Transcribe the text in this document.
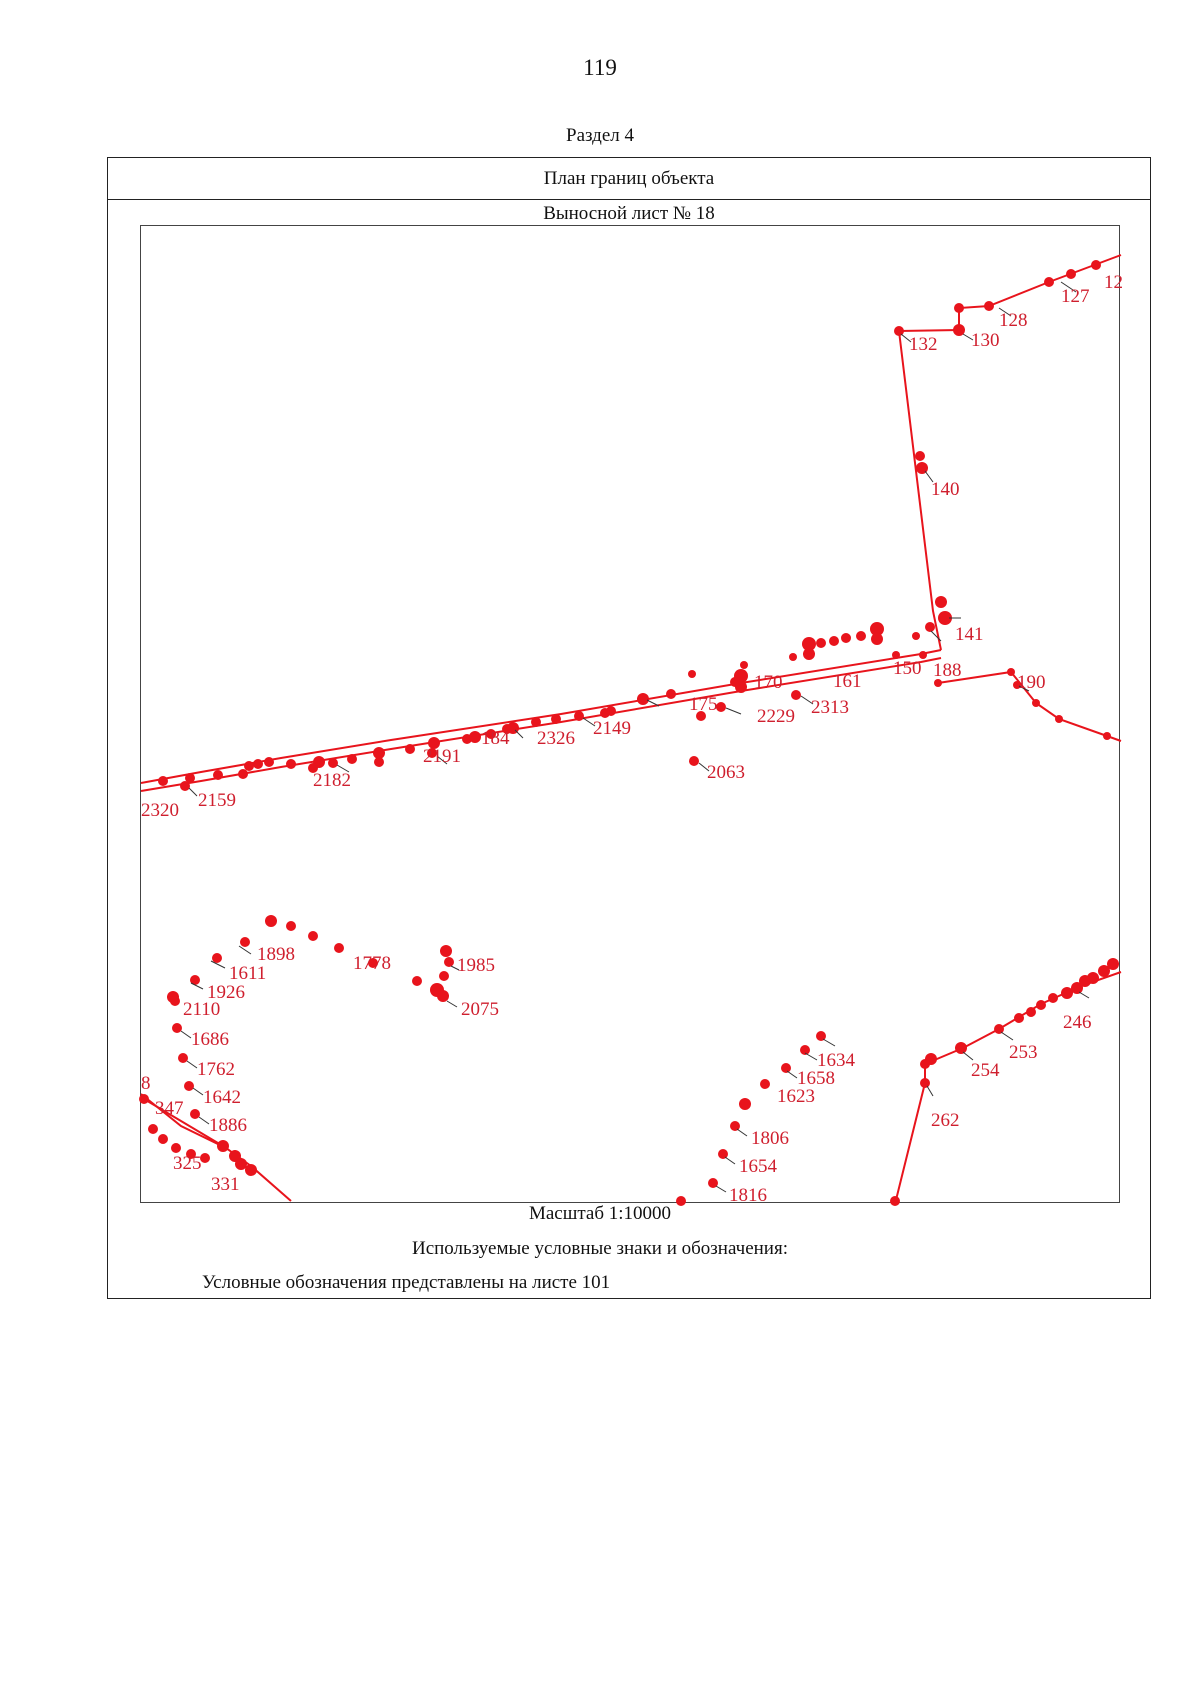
119
Раздел 4
План границ объекта
Выносной лист № 18
12
127
128
132 130
140
141
188
150
161
170	190
175
2229 2313
2063
2149
2326
184
2191
2182
2159
2320
1898	1778	1985
1611
1926
2110	2075
1686
1762
1642
1886
347
8
325
331
1634
1658
1623
1806
1654
1816
246
253
254
262
Масштаб 1:10000
Используемые условные знаки и обозначения:
Условные обозначения представлены на листе 101
